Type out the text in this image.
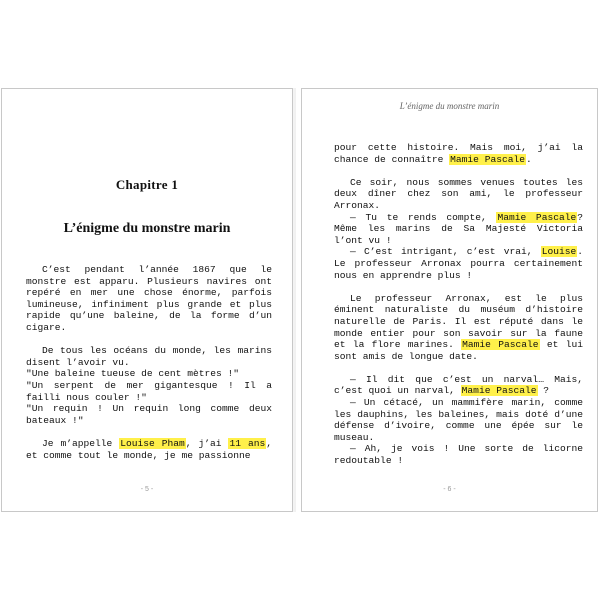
Chapitre 1
L’énigme du monstre marin

C’est pendant l’année 1867 que le monstre est apparu. Plusieurs navires ont repéré en mer une chose énorme, parfois lumineuse, infiniment plus grande et plus rapide qu’une baleine, de la forme d’un cigare.

De tous les océans du monde, les marins disent l’avoir vu.

"Une baleine tueuse de cent mètres !"

"Un serpent de mer gigantesque ! Il a failli nous couler !"

"Un requin ! Un requin long comme deux bateaux !"

Je m’appelle Louise Pham, j’ai 11 ans, et comme tout le monde, je me passionne

- 5 -
L’énigme du monstre marin

pour cette histoire. Mais moi, j’ai la chance de connaître Mamie Pascale.

Ce soir, nous sommes venues toutes les deux dîner chez son ami, le professeur Arronax.

— Tu te rends compte, Mamie Pascale? Même les marins de Sa Majesté Victoria l’ont vu !

— C’est intrigant, c’est vrai, Louise. Le professeur Arronax pourra certainement nous en apprendre plus !

Le professeur Arronax, est le plus éminent naturaliste du muséum d’histoire naturelle de Paris. Il est réputé dans le monde entier pour son savoir sur la faune et la flore marines. Mamie Pascale et lui sont amis de longue date.

— Il dit que c’est un narval… Mais, c’est quoi un narval, Mamie Pascale ?

— Un cétacé, un mammifère marin, comme les dauphins, les baleines, mais doté d’une défense d’ivoire, comme une épée sur le museau.

— Ah, je vois ! Une sorte de licorne redoutable !

- 6 -
